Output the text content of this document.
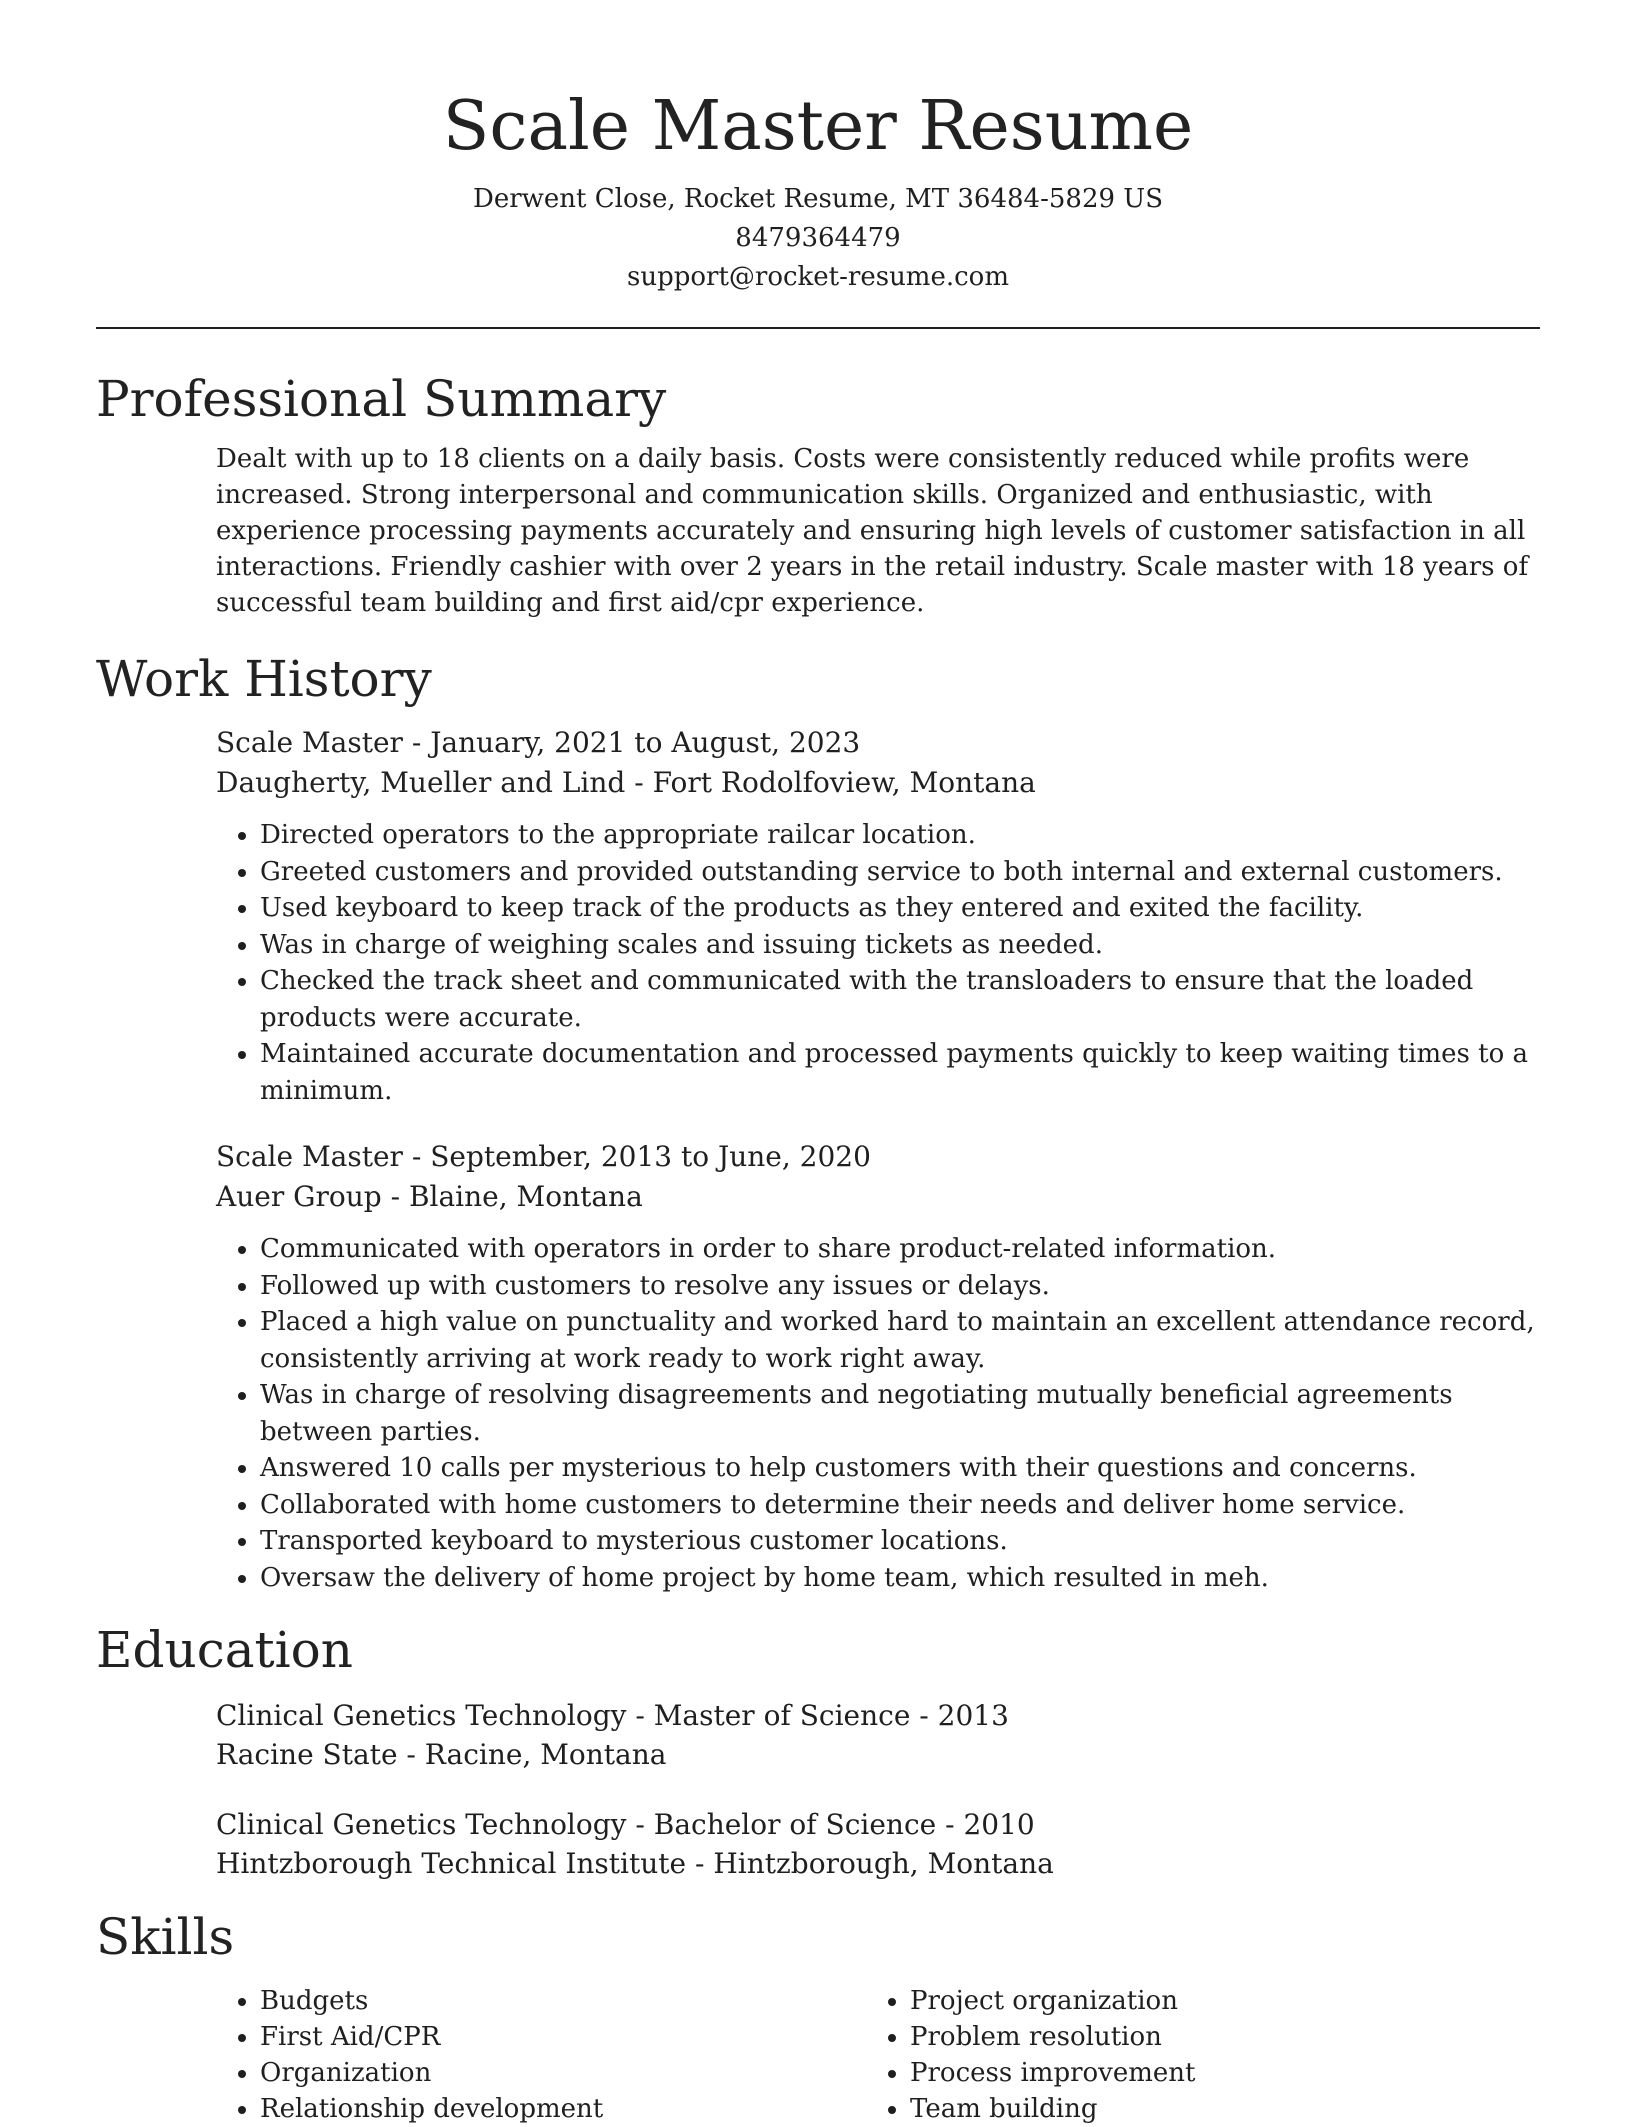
Scale Master Resume
Derwent Close, Rocket Resume, MT 36484-5829 US
8479364479
support@rocket-resume.com
Professional Summary

Dealt with up to 18 clients on a daily basis. Costs were consistently reduced while profits were increased. Strong interpersonal and communication skills. Organized and enthusiastic, with experience processing payments accurately and ensuring high levels of customer satisfaction in all interactions. Friendly cashier with over 2 years in the retail industry. Scale master with 18 years of successful team building and first aid/cpr experience.

Work History
Scale Master - January, 2021 to August, 2023
Daugherty, Mueller and Lind - Fort Rodolfoview, Montana
• Directed operators to the appropriate railcar location.
• Greeted customers and provided outstanding service to both internal and external customers.
• Used keyboard to keep track of the products as they entered and exited the facility.
• Was in charge of weighing scales and issuing tickets as needed.
• Checked the track sheet and communicated with the transloaders to ensure that the loaded products were accurate.
• Maintained accurate documentation and processed payments quickly to keep waiting times to a minimum.
Scale Master - September, 2013 to June, 2020
Auer Group - Blaine, Montana
• Communicated with operators in order to share product-related information.
• Followed up with customers to resolve any issues or delays.
• Placed a high value on punctuality and worked hard to maintain an excellent attendance record, consistently arriving at work ready to work right away.
• Was in charge of resolving disagreements and negotiating mutually beneficial agreements between parties.
• Answered 10 calls per mysterious to help customers with their questions and concerns.
• Collaborated with home customers to determine their needs and deliver home service.
• Transported keyboard to mysterious customer locations.
• Oversaw the delivery of home project by home team, which resulted in meh.
Education
Clinical Genetics Technology - Master of Science - 2013
Racine State - Racine, Montana
Clinical Genetics Technology - Bachelor of Science - 2010
Hintzborough Technical Institute - Hintzborough, Montana
Skills
• Budgets
• First Aid/CPR
• Organization
• Relationship development
• Project organization
• Problem resolution
• Process improvement
• Team building
